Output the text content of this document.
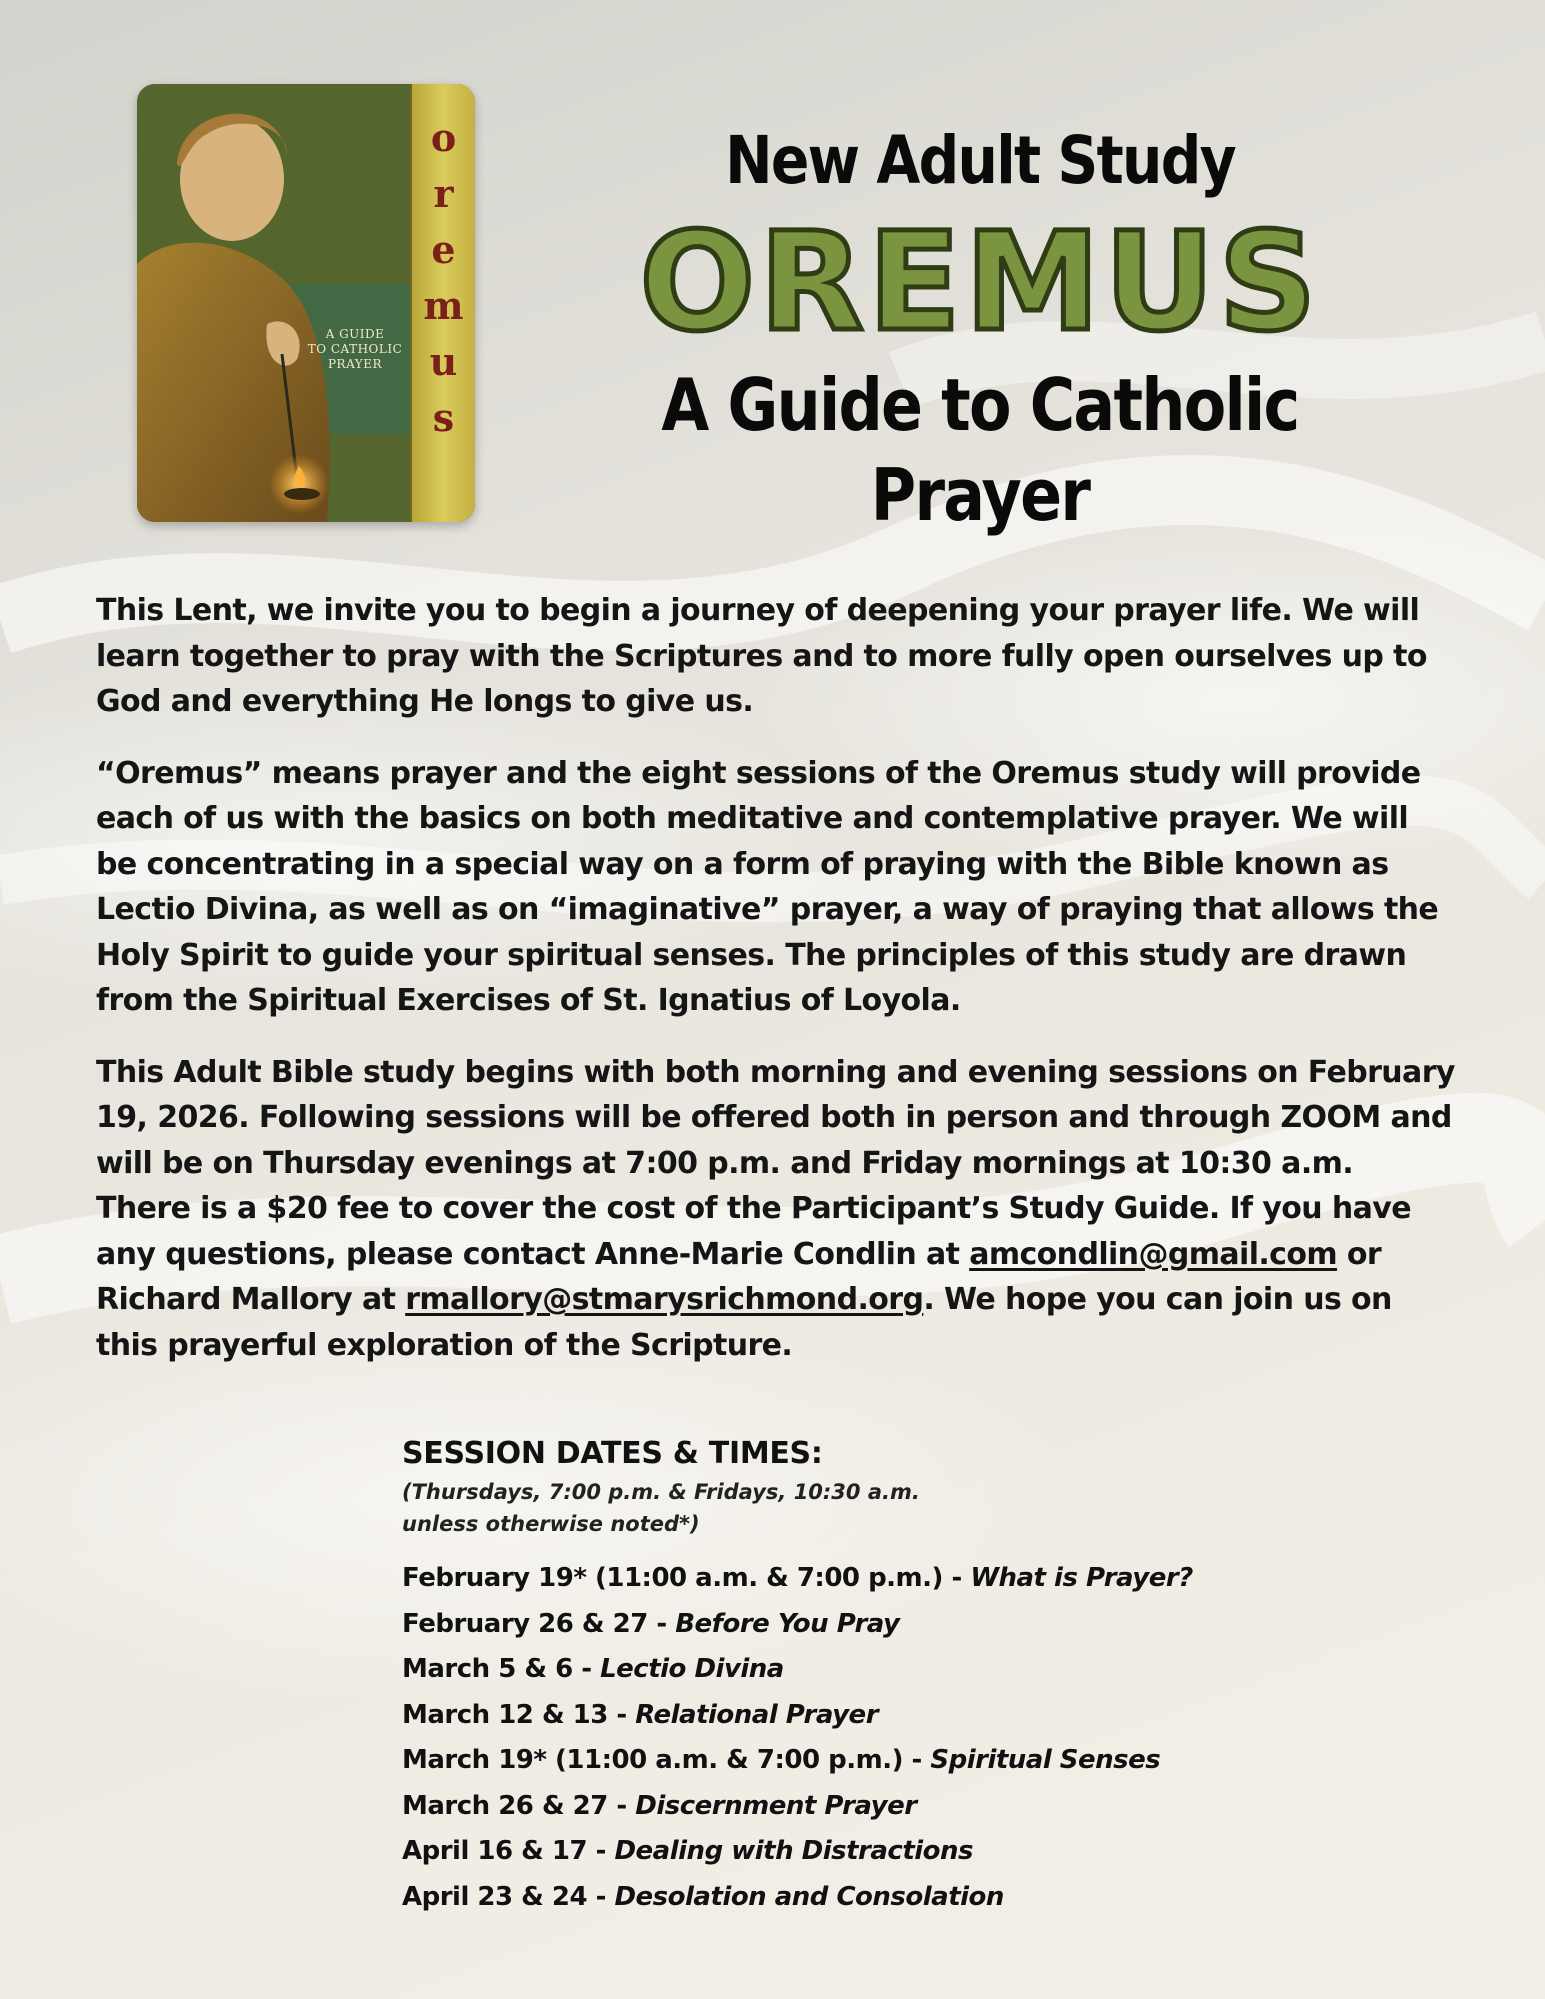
A GUIDE
TO CATHOLIC
PRAYER
o
r
e
m
u
s
New Adult Study
OREMUS
A Guide to Catholic Prayer

This Lent, we invite you to begin a journey of deepening your prayer life. We will learn together to pray with the Scriptures and to more fully open ourselves up to God and everything He longs to give us.

“Oremus” means prayer and the eight sessions of the Oremus study will provide each of us with the basics on both meditative and contemplative prayer. We will be concentrating in a special way on a form of praying with the Bible known as Lectio Divina, as well as on “imaginative” prayer, a way of praying that allows the Holy Spirit to guide your spiritual senses. The principles of this study are drawn from the Spiritual Exercises of St. Ignatius of Loyola.

This Adult Bible study begins with both morning and evening sessions on February 19, 2026. Following sessions will be offered both in person and through ZOOM and will be on Thursday evenings at 7:00 p.m. and Friday mornings at 10:30 a.m. There is a $20 fee to cover the cost of the Participant’s Study Guide. If you have any questions, please contact Anne-Marie Condlin at amcondlin@gmail.com or Richard Mallory at rmallory@stmarysrichmond.org. We hope you can join us on this prayerful exploration of the Scripture.

SESSION DATES & TIMES:
(Thursdays, 7:00 p.m. & Fridays, 10:30 a.m.
unless otherwise noted*)
February 19* (11:00 a.m. & 7:00 p.m.) - What is Prayer?
February 26 & 27 - Before You Pray
March 5 & 6 - Lectio Divina
March 12 & 13 - Relational Prayer
March 19* (11:00 a.m. & 7:00 p.m.) - Spiritual Senses
March 26 & 27 - Discernment Prayer
April 16 & 17 - Dealing with Distractions
April 23 & 24 - Desolation and Consolation
